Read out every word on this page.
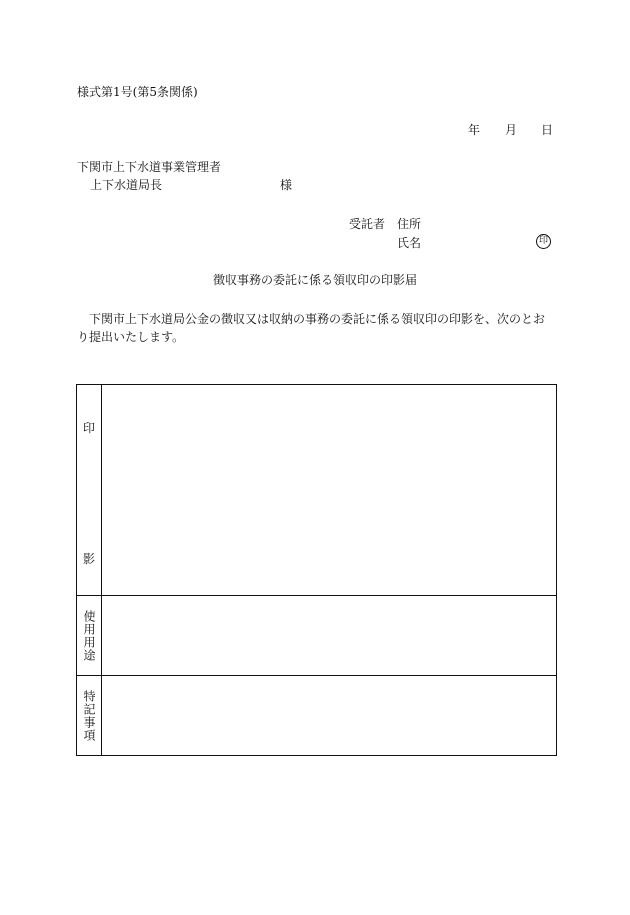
様式第1号(第5条関係)
年 月 日
下関市上下水道事業管理者
上下水道局長	様
受託者 住所
氏名	印
徴収事務の委託に係る領収印の印影届
下関市上下水道局公金の徴収又は収納の事務の委託に係る領収印の印影を、次のとおり提出いたします。
印
影	

使用用途	

特記事項	
